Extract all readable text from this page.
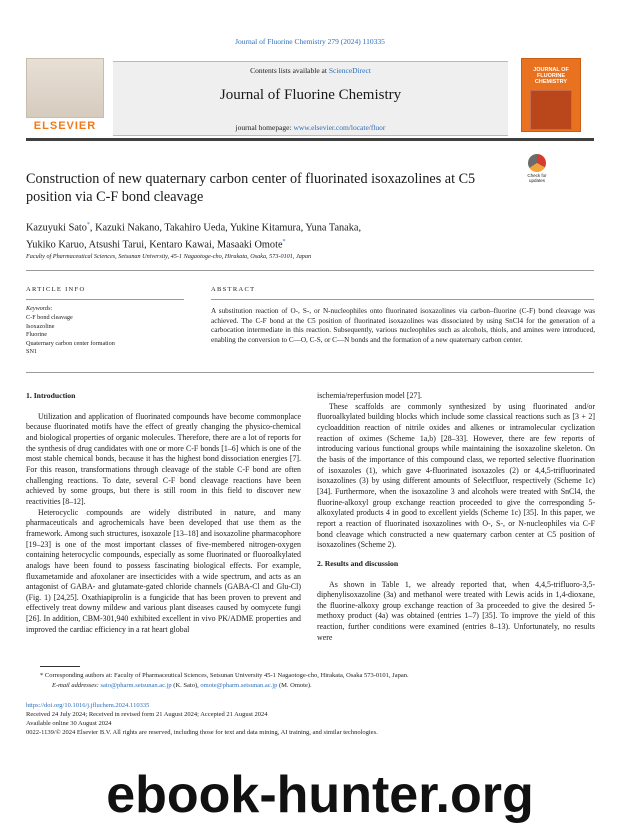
Journal of Fluorine Chemistry 279 (2024) 110335
ELSEVIER
Contents lists available at ScienceDirect
Journal of Fluorine Chemistry
journal homepage: www.elsevier.com/locate/fluor
JOURNAL OF
FLUORINE
CHEMISTRY
Construction of new quaternary carbon center of fluorinated isoxazolines at C5 position via C-F bond cleavage
Check for
updates
Kazuyuki Sato*, Kazuki Nakano, Takahiro Ueda, Yukine Kitamura, Yuna Tanaka,
Yukiko Karuo, Atsushi Tarui, Kentaro Kawai, Masaaki Omote*
Faculty of Pharmaceutical Sciences, Setsunan University, 45-1 Nagaotoge-cho, Hirakata, Osaka, 573-0101, Japan
ARTICLE INFO
Keywords:
C-F bond cleavage
Isoxazoline
Fluorine
Quaternary carbon center formation
SN1
ABSTRACT
A substitution reaction of O-, S-, or N-nucleophiles onto fluorinated isoxazolines via carbon–fluorine (C-F) bond cleavage was achieved. The C-F bond at the C5 position of fluorinated isoxazolines was dissociated by using SnCl4 for the generation of a carbocation intermediate in this reaction. Subsequently, various nucleophiles such as alcohols, thiols, and amines were introduced, enabling the conversion to C—O, C-S, or C—N bonds and the formation of a new quaternary carbon center.
1. Introduction

Utilization and application of fluorinated compounds have become commonplace because fluorinated motifs have the effect of greatly changing the physico-chemical and biological properties of organic molecules. Therefore, there are a lot of reports for the synthesis of drug candidates with one or more C-F bonds [1–6] which is one of the most stable chemical bonds, because it has the highest bond dissociation energies [7]. For this reason, transformations through cleavage of the stable C-F bond are often challenging reactions. To date, several C-F bond cleavage reactions have been achieved by some groups, but there is still room in this field to discover new reactivities [8–12].

Heterocyclic compounds are widely distributed in nature, and many pharmaceuticals and agrochemicals have been developed that use them as the framework. Among such structures, isoxazole [13–18] and isoxazoline pharmacophore [19–23] is one of the most important classes of five-membered nitrogen-oxygen containing heterocyclic compounds, especially as some fluorinated or fluoroalkylated analogs have been found to possess fascinating biological effects. For example, fluxametamide and afoxolaner are insecticides with a wide spectrum, and acts as an antagonist of GABA- and glutamate-gated chloride channels (GABA-Cl and Glu-Cl) (Fig. 1) [24,25]. Oxathiapiprolin is a fungicide that has been proven to prevent and effectively treat downy mildew and various plant diseases caused by oomycete fungi [26]. In addition, CBM-301,940 exhibited excellent in vivo PK/ADME properties and improved the cardiac efficiency in a rat heart global

ischemia/reperfusion model [27].

These scaffolds are commonly synthesized by using fluorinated and/or fluoroalkylated building blocks which include some classical reactions such as [3 + 2] cycloaddition reaction of nitrile oxides and alkenes or intramolecular cyclization reaction of oximes (Scheme 1a,b) [28–33]. However, there are few reports of introducing various functional groups while maintaining the isoxazoline skeleton. On the basis of the importance of this compound class, we reported selective fluorination of isoxazoles (1), which gave 4-fluorinated isoxazoles (2) or 4,4,5-trifluorinated isoxazolines (3) by using different amounts of Selectfluor, respectively (Scheme 1c) [34]. Furthermore, when the isoxazoline 3 and alcohols were treated with SnCl4, the fluorine-alkoxyl group exchange reaction proceeded to give the corresponding 5-alkoxylated products 4 in good to excellent yields (Scheme 1c) [35]. In this paper, we report a reaction of fluorinated isoxazolines with O-, S-, or N-nucleophiles via C-F bond cleavage which constructed a new quaternary carbon center at C5 position of isoxazolines (Scheme 2).

2. Results and discussion

As shown in Table 1, we already reported that, when 4,4,5-trifluoro-3,5-diphenylisoxazoline (3a) and methanol were treated with Lewis acids in 1,4-dioxane, the fluorine-alkoxy group exchange reaction of 3a proceeded to give the desired 5-methoxy product (4a) was obtained (entries 1–7) [35]. To improve the yield of this reaction, further conditions were examined (entries 8–13). Unfortunately, no results were

* Corresponding authors at: Faculty of Pharmaceutical Sciences, Setsunan University 45-1 Nagaotoge-cho, Hirakata, Osaka 573-0101, Japan.
E-mail addresses: sato@pharm.setsunan.ac.jp (K. Sato), omote@pharm.setsunan.ac.jp (M. Omote).
https://doi.org/10.1016/j.jfluchem.2024.110335
Received 24 July 2024; Received in revised form 21 August 2024; Accepted 21 August 2024
Available online 30 August 2024
0022-1139/© 2024 Elsevier B.V. All rights are reserved, including those for text and data mining, AI training, and similar technologies.
ebook-hunter.org
